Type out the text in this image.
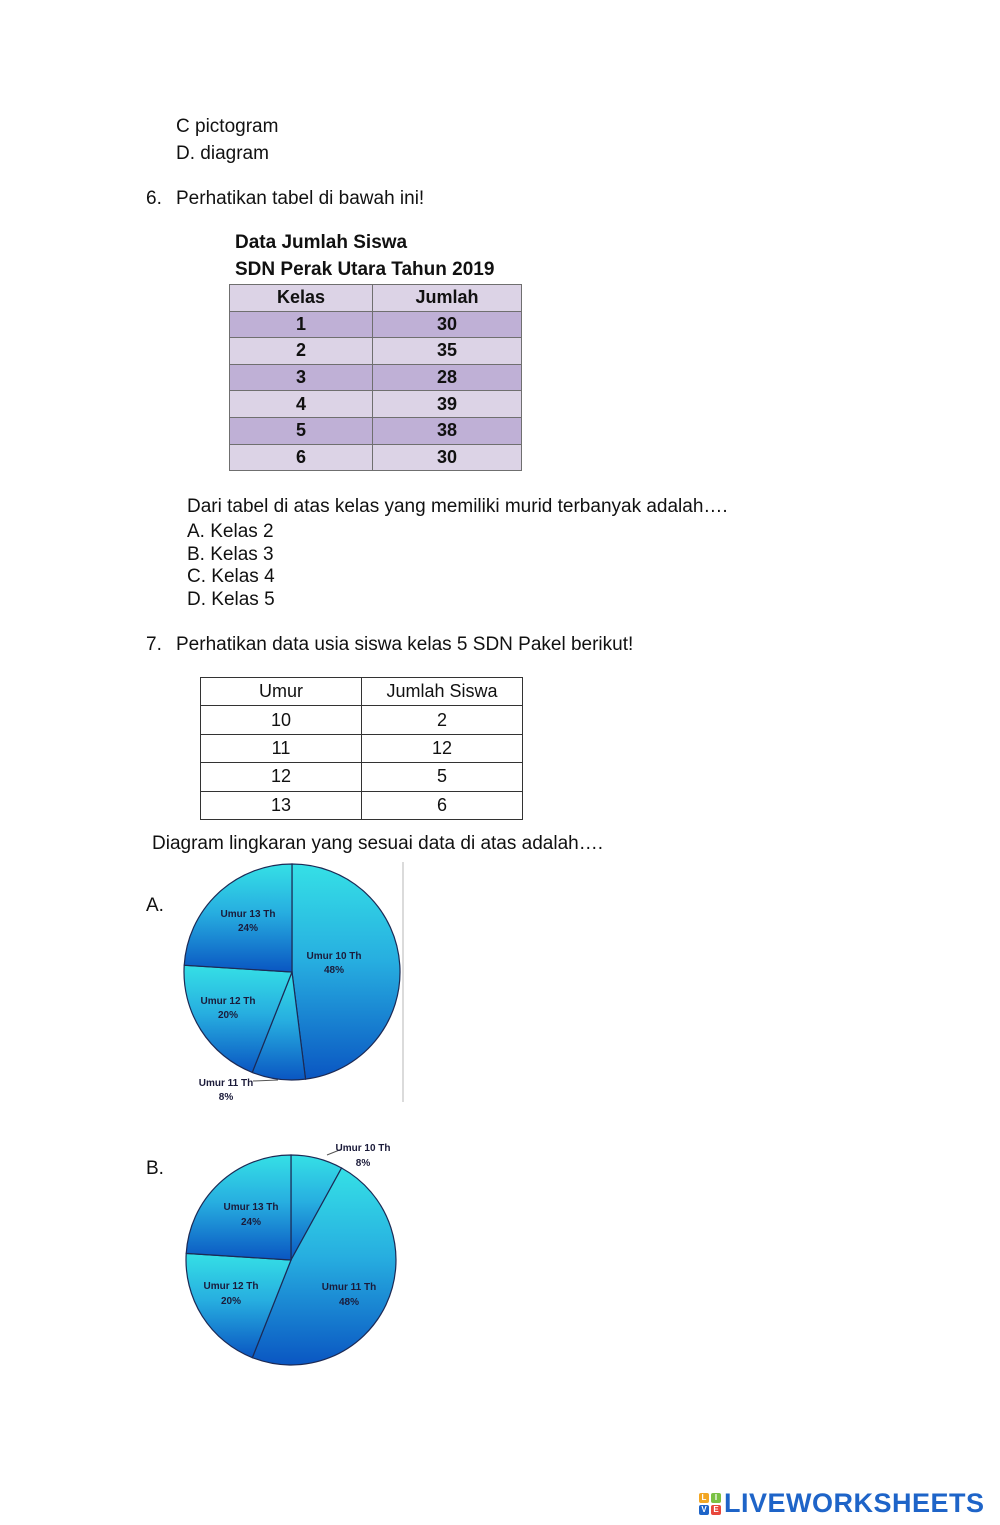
C pictogram
D. diagram
6. Perhatikan tabel di bawah ini!
Data Jumlah Siswa
SDN Perak Utara Tahun 2019
Kelas	Jumlah
1	30
2	35
3	28
4	39
5	38
6	30
Dari tabel di atas kelas yang memiliki murid terbanyak adalah….
A. Kelas 2
B. Kelas 3
C. Kelas 4
D. Kelas 5
7. Perhatikan data usia siswa kelas 5 SDN Pakel berikut!
Umur	Jumlah Siswa
10	2
11	12
12	5
13	6
Diagram lingkaran yang sesuai data di atas adalah….
A.
B.
Umur 13 Th
24%
Umur 10 Th
48%
Umur 12 Th
20%
Umur 11 Th
8%
Umur 10 Th
8%
Umur 13 Th
24%
Umur 11 Th
48%
Umur 12 Th
20%
L	I
V E LIVEWORKSHEETS
